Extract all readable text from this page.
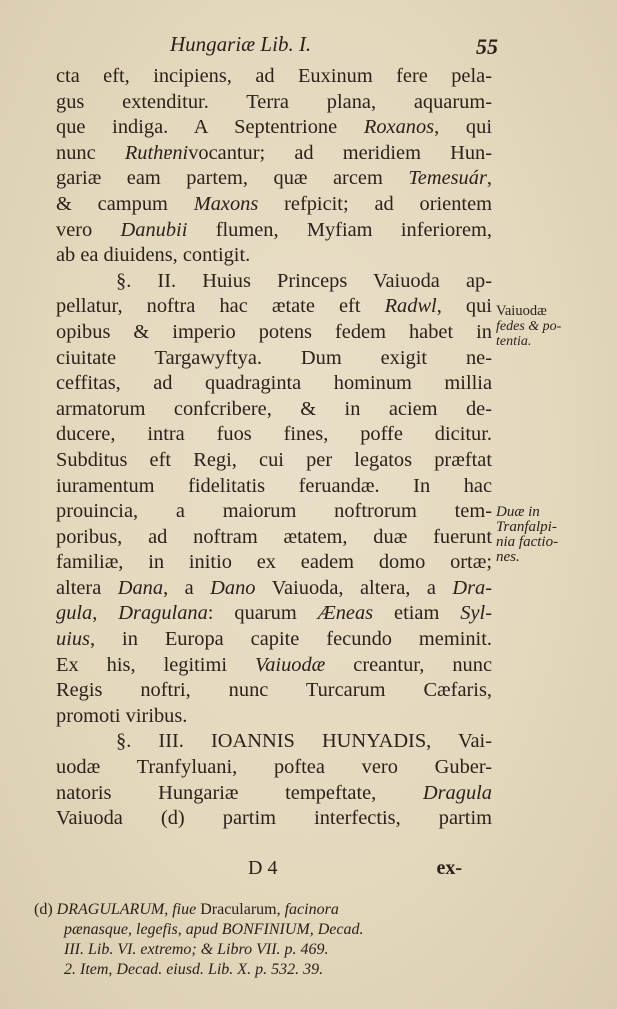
Hungariæ Lib. I.	55
cta eft, incipiens, ad Euxinum fere pela-
gus extenditur. Terra plana, aquarum-
que indiga. A Septentrione Roxanos, qui
nunc Ruthɐnivocantur; ad meridiem Hun-
gariæ eam partem, quæ arcem Temesuár,
& campum Maxons refpicit; ad orientem
vero Danubii flumen, Myfiam inferiorem,
ab ea diuidens, contigit.
§. II. Huius Princeps Vaiuoda ap-
pellatur, noftra hac ætate eft Radwl, qui
opibus & imperio potens fedem habet in
ciuitate Targawyftya. Dum exigit ne-
ceffitas, ad quadraginta hominum millia
armatorum confcribere, & in aciem de-
ducere, intra fuos fines, poffe dicitur.
Subditus eft Regi, cui per legatos præftat
iuramentum fidelitatis feruandæ. In hac
prouincia, a maiorum noftrorum tem-
poribus, ad noftram ætatem, duæ fuerunt
familiæ, in initio ex eadem domo ortæ;
altera Dana, a Dano Vaiuoda, altera, a Dra-
gula, Dragulana: quarum Æneas etiam Syl-
uius, in Europa capite fecundo meminit.
Ex his, legitimi Vaiuodæ creantur, nunc
Regis noftri, nunc Turcarum Cæfaris,
promoti viribus.
§. III. IOANNIS HUNYADIS, Vai-
uodæ Tranfyluani, poftea vero Guber-
natoris Hungariæ tempeftate, Dragula
Vaiuoda (d) partim interfectis, partim
Vaiuodæ
fedes & po-
tentia.
Duæ in
Tranfalpi-
nia factio-
nes.
D 4	ex-
(d) DRAGULARUM, fiue Dracularum, facinora
pænasque, legefis, apud BONFINIUM, Decad.
III. Lib. VI. extremo; & Libro VII. p. 469.
2. Item, Decad. eiusd. Lib. X. p. 532. 39.
